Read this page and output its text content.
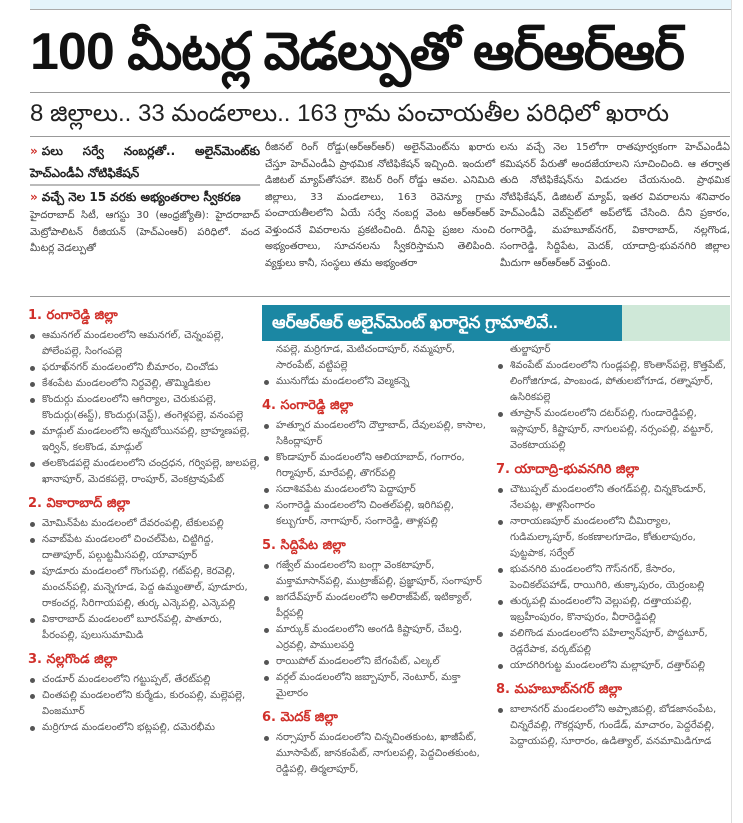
100 మీటర్ల వెడల్పుతో ఆర్‌ఆర్‌ఆర్
8 జిల్లాలు.. 33 మండలాలు.. 163 గ్రామ పంచాయతీల పరిధిలో ఖరారు
» పలు సర్వే నంబర్లతో.. అలైన్‌మెంట్‌కు హెచ్‌ఎండీఏ నోటిఫికేషన్
» వచ్చే నెల 15 వరకు అభ్యంతరాల స్వీకరణ

హైదరాబాద్ సిటీ, ఆగస్టు 30 (ఆంధ్రజ్యోతి): హైదరాబాద్ మెట్రోపాలిటన్ రీజియన్ (హెచ్‌ఎంఆర్) పరిధిలో. వంద మీటర్ల వెడల్పుతో

రీజినల్ రింగ్ రోడ్డు(ఆర్‌ఆర్‌ఆర్) అలైన్‌మెంట్‌ను ఖరారు చేస్తూ హెచ్‌ఎండీఏ ప్రాథమిక నోటిఫికేషన్ ఇచ్చింది. ఇందులో డిజిటల్ మ్యాప్‌తోసహా. ఔటర్ రింగ్ రోడ్డు ఆవల. ఎనిమిది జిల్లాలు, 33 మండలాలు, 163 రెవెన్యూ గ్రామ పంచాయతీలలోని ఏయే సర్వే నంబర్ల వెంట ఆర్‌ఆర్‌ఆర్ వెళ్తుందనే వివరాలను ప్రకటించింది. దీనిపై ప్రజల నుంచి అభ్యంతరాలు, సూచనలను స్వీకరిస్తామని తెలిపింది. వ్యక్తులు కానీ, సంస్థలు తమ అభ్యంతరా

లను వచ్చే నెల 15లోగా రాతపూర్వకంగా హెచ్‌ఎండీఏ కమిషనర్ పేరుతో అందజేయాలని సూచించింది. ఆ తర్వాత తుది నోటిఫికేషన్‌ను విడుదల చేయనుంది. ప్రాథమిక నోటిఫికేషన్, డిజిటల్ మ్యాప్, ఇతర వివరాలను శనివారం హెచ్‌ఎండీఏ వెబ్‌సైట్‌లో అప్‌లోడ్ చేసింది. దీని ప్రకారం, రంగారెడ్డి, మహబూబ్‌నగర్, వికారాబాద్, నల్లగొండ, సంగారెడ్డి, సిద్దిపేట, మెదక్, యాదాద్రి-భువనగిరి జిల్లాల మీదుగా ఆర్‌ఆర్‌ఆర్ వెళ్తుంది.

ఆర్‌ఆర్‌ఆర్ అలైన్‌మెంట్ ఖరారైన గ్రామాలివే..
1. రంగారెడ్డి జిల్లా
ఆమనగల్ మండలంలోని ఆమనగల్, చెన్నంపల్లె, పోలేంపల్లె, సింగంపల్లె
ఫరూఖ్‌నగర్ మండలంలోని బీమారం, చించోడు
కేశంపేట మండలంలోని నిర్దవెల్లి, తొమ్మిడికుల
కొందుర్గు మండలంలోని ఆగిర్యాల, చెరుకుపల్లె, కొందుర్గు(ఈస్ట్), కొందుర్గు(వెస్ట్), తంగెళ్లపల్లె, వనంపల్లె
మాడ్గుల్ మండలంలోని అన్నబోయినపల్లి, బ్రాహ్మణపల్లె, ఇర్విన్, కలకొండ, మాడ్గుల్
తలకొండపల్లె మండలంలోని చంద్రధన, గర్విపల్లె, జులపల్లె, ఖానాపూర్, మెదకపల్లె, రాంపూర్, వెంకట్రావుపేట్
2. వికారాబాద్ జిల్లా
మోమిన్‌పేట మండలంలో దేవరంపల్లి, టేకులపల్లి
నవాబ్‌పేట మండలంలో చించల్‌పేట, చిట్టిగిద్ద, దాతాపూర్, పల్గుట్టమీసపల్లి, యావాపూర్
పూడూరు మండలంలో గొంగుపల్లి, గట్‌పల్లి, కెరవెల్లి, మంచన్‌పల్లి, మన్నెగూడ, పెద్ద ఉమ్మంతాల్, పూడూరు, రాకంచర్ల, సిరిగాయపల్లి, తుర్క ఎన్కెపల్లి, ఎన్కెపల్లి
వికారాబాద్ మండలంలో బూరన్‌పల్లి, పాతూరు, పీరంపల్లి, పులుసుమామిడి
3. నల్లగొండ జిల్లా
చండూర్ మండలంలోని గట్టుప్పల్, తేరట్‌పల్లి
చింతపల్లి మండలంలోని కుర్మేడు, కురంపల్లి, మల్లెపల్లె, వింజమూర్
మర్రిగూడ మండలంలోని భట్లపల్లి, దమెరభీమ
నపల్లె, మర్రిగూడ, మెటిచందాపూర్, నమ్మపూర్, సారంపేట్, వట్టిపల్లె
మునుగోడు మండలంలోని వెల్మకన్నె
4. సంగారెడ్డి జిల్లా
హత్నూర మండలంలోని దౌల్తాబాద్, దేవులపల్లి, కాసాల, సికింద్లాపూర్
కొండాపూర్ మండలంలోని ఆలియాబాద్, గంగారం, గిర్మాపూర్, మారేపల్లి, తొగర్‌పల్లి
సదాశివపేట మండలంలోని పెద్దాపూర్
సంగారెడ్డి మండలంలోని చింతల్‌పల్లి, ఇరిగిపల్లి, కల్బుగూర్, నాగాపూర్, సంగారెడ్డి, తాళ్లపల్లి
5. సిద్దిపేట జిల్లా
గజ్వేల్ మండలంలోని బంగ్లా వెంకటాపూర్, మక్తామాసాన్‌పల్లి, ముట్రాజ్‌పల్లి, ప్రజ్ఞాపూర్, సంగాపూర్
జగదేవ్‌పూర్ మండలంలోని అలిరాజ్‌పేట్, ఇటిక్యాల్, పీర్లపల్లి
మార్కుక్ మండలంలోని అంగడి కిష్టాపూర్, చేబర్తి, ఎర్రవల్లి, పాములపర్తి
రాయిపోల్ మండలంలోని బేగంపేట్, ఎల్కల్
వర్గల్ మండలంలోని జబ్బాపూర్, నెంటూర్, మక్తా మైలారం
6. మెదక్ జిల్లా
నర్సాపూర్ మండలంలోని చిన్నచింతకుంట, ఖాజీపేట్, మూసాపేట్, జానకంపేట్, నాగులపల్లి, పెద్దచింతకుంట, రెడ్డిపల్లి, తిర్మలాపూర్,
తుల్జాపూర్
శివంపేట్ మండలంలోని గుండ్లపల్లి, కొంతాన్‌పల్లె, కొత్తపేట్, లింగోజిగూడ, పాంబండ, పోతులబోగూడ, రత్నాపూర్, ఉసిరికపల్లె
తూప్రాన్ మండలంలోని దటర్‌పల్లి, గుండారెడ్డిపల్లి, ఇస్లాపూర్, కిష్టాపూర్, నాగులపల్లి, నర్సంపల్లి, వట్టూర్, వెంకటాయపల్లి
7. యాదాద్రి-భువనగిరి జిల్లా
చౌటుప్పల్ మండలంలోని తంగడ్‌పల్లి, చిన్నకొండూర్, నేలపట్ల, తాళ్లసింగారం
నారాయణపూర్ మండలంలోని చీమిర్యాల, గుడిమల్కాపూర్, కంకణాలగూడెం, కోతులాపురం, పుట్టపాక, సర్వేల్
భువనగిరి మండలంలోని గౌస్‌నగర్, కేసారం, పెంచికల్‌పహాడ్, రాయిగిరి, తుక్కాపురం, యెర్రంబల్లి
తుర్కపల్లి మండలంలోని వెల్లుపల్లి, దత్తాయపల్లి, ఇబ్రహీంపురం, కొనాపురం, వీరారెడ్డిపల్లి
వలిగొండ మండలంలోని పహిల్వాన్‌పూర్, పొద్దటూర్, రెడ్లరేపాక, వర్కట్‌పల్లి
యాదగిరిగుట్ట మండలంలోని మల్లాపూర్, దత్తార్‌పల్లి
8. మహబూబ్‌నగర్ జిల్లా
బాలానగర్ మండలంలోని అప్పాజిపల్లి, బోడజానంపేట, చిన్నరేవల్లి, గౌకర్లపూర్, గుండేడ్, మాచారం, పెద్దరేవల్లి, పెద్దాయపల్లి, సూరారం, ఉడిత్యాల్, వనమామిడిగూడ
